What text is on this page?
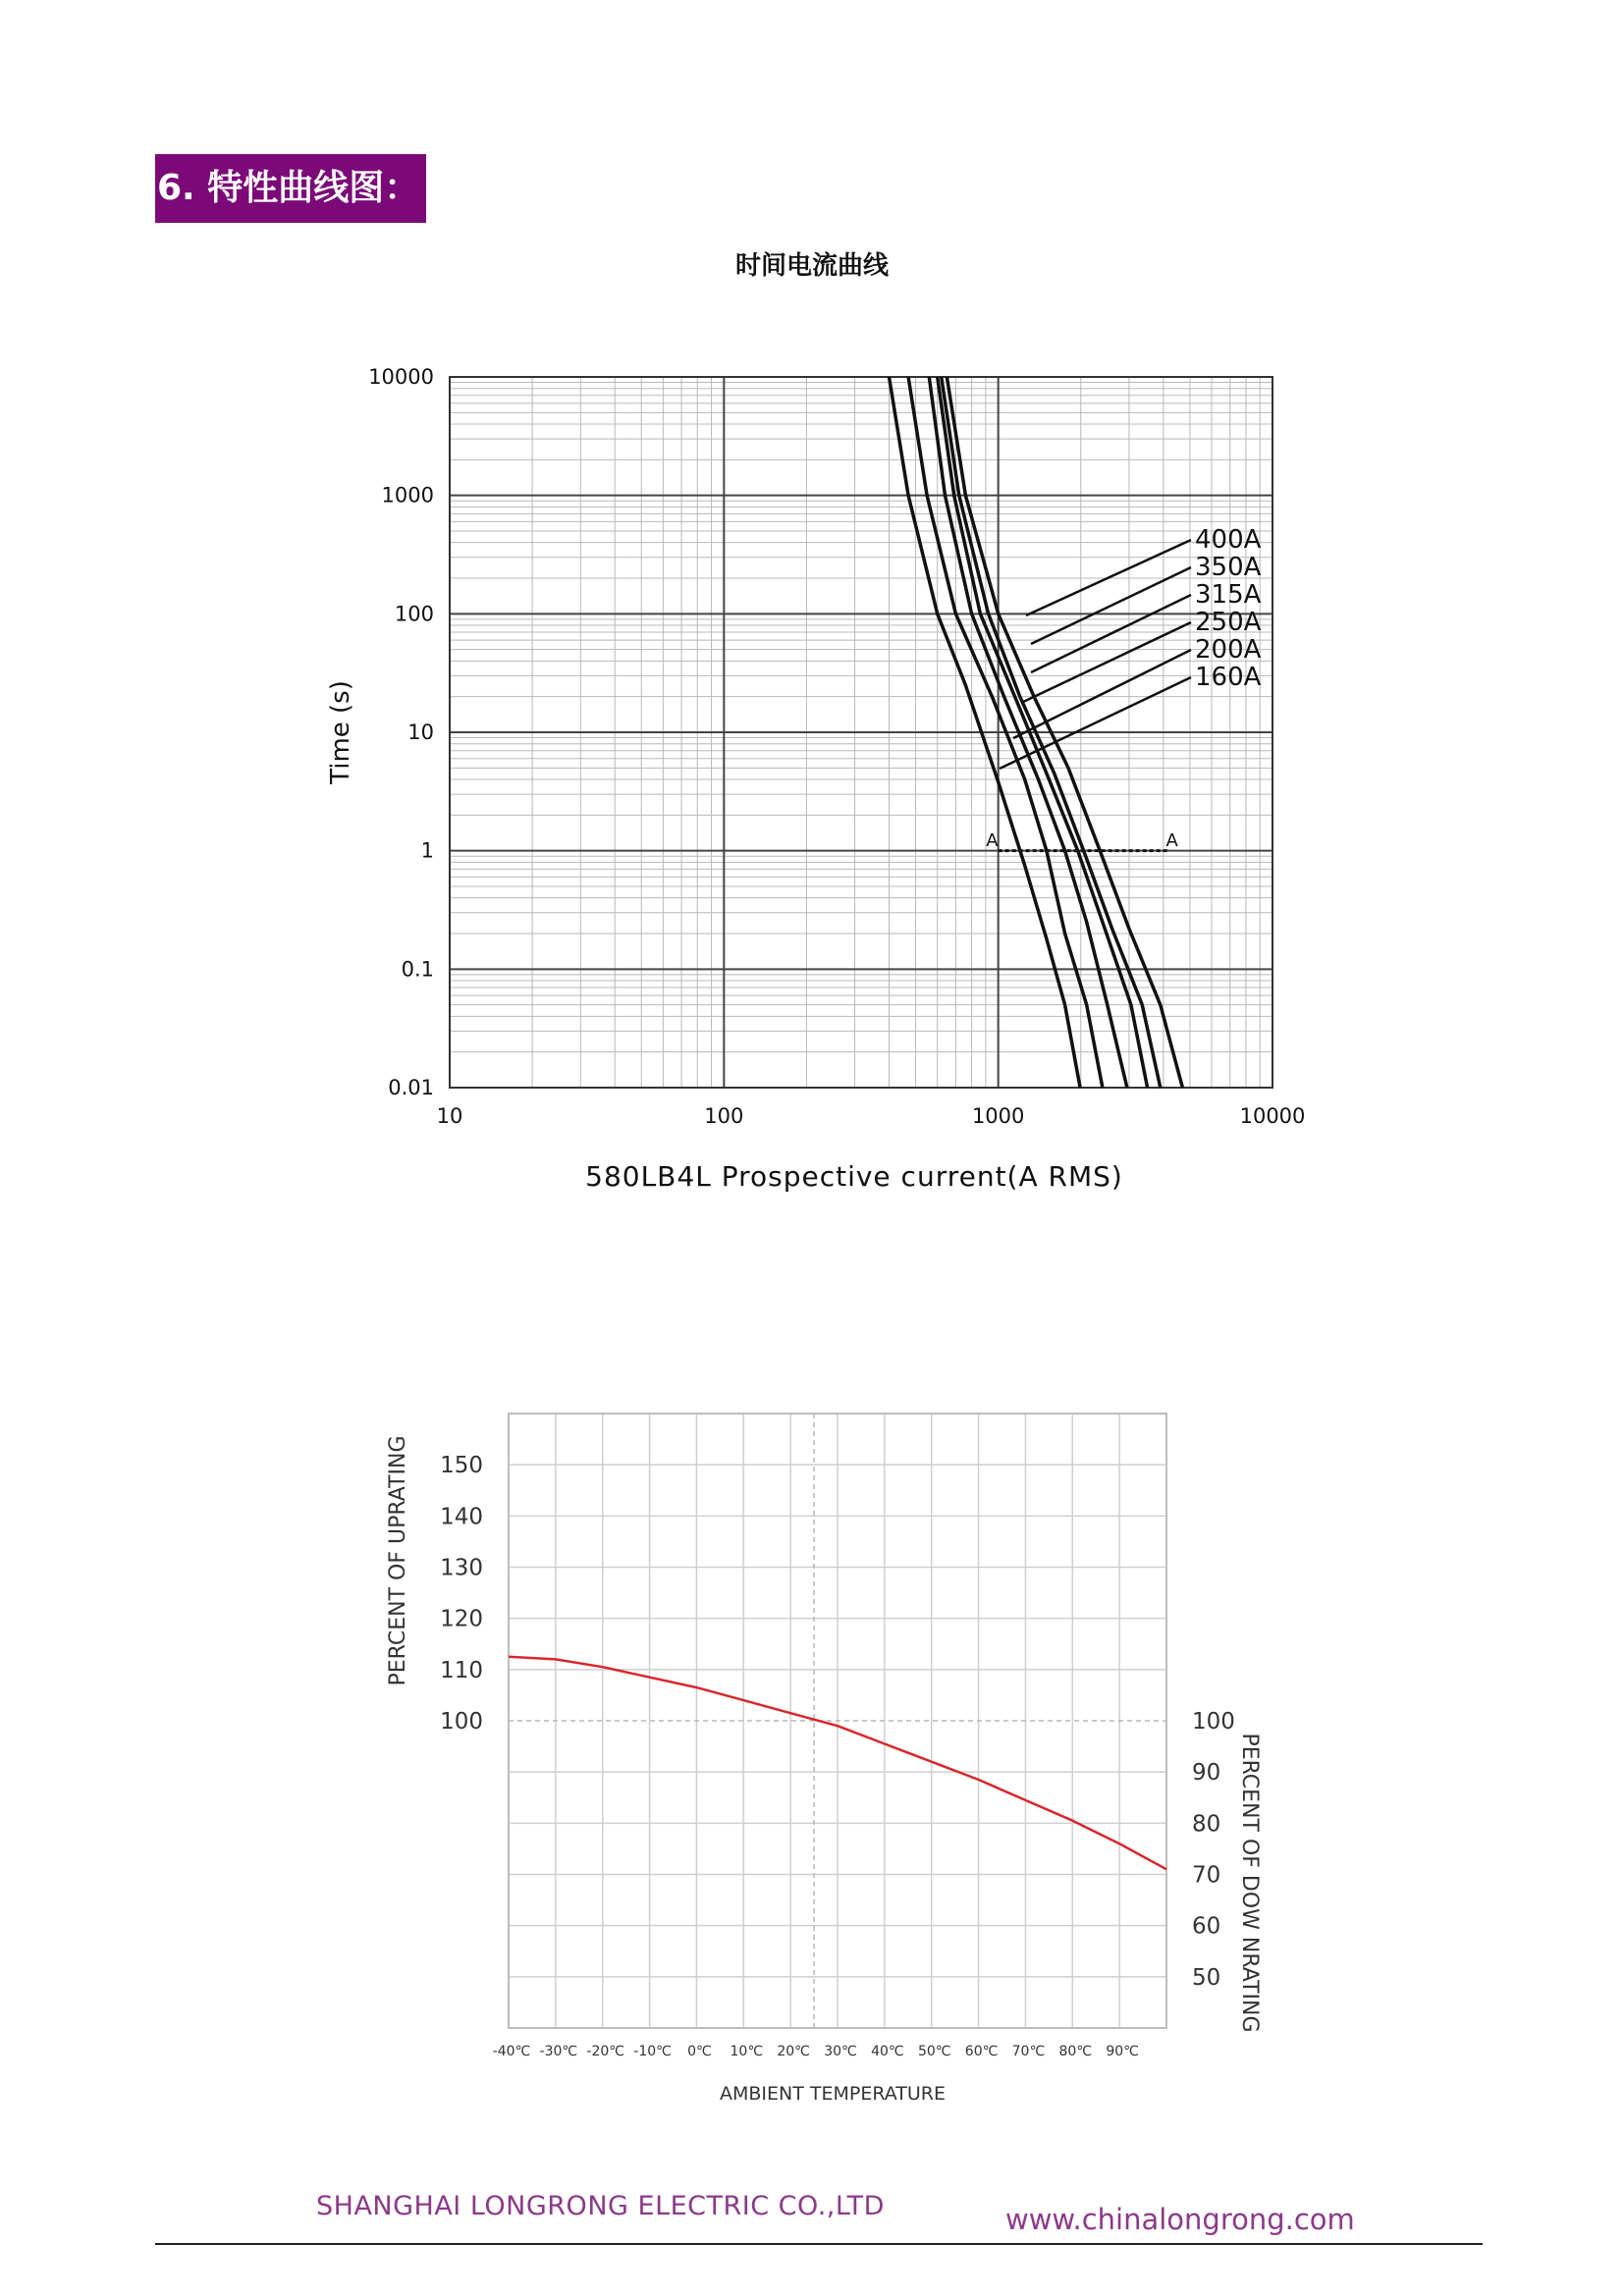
6. 特性曲线图：
时间电流曲线
10	100	1000	10000
0.01
0.1
1
10
100
1000
10000
580LB4L Prospective current(A RMS)
Time (s)
A	A
400A
350A
315A
250A
200A
160A
150
140
130
120
110
100	100
90
80
70
60
50
-40℃ -30℃ -20℃ -10℃ 0℃ 10℃ 20℃ 30℃ 40℃ 50℃ 60℃ 70℃ 80℃ 90℃
AMBIENT TEMPERATURE
PERCENT OF UPRATING
PERCENT OF DOW NRATING
SHANGHAI LONGRONG ELECTRIC CO.,LTD	www.chinalongrong.com
